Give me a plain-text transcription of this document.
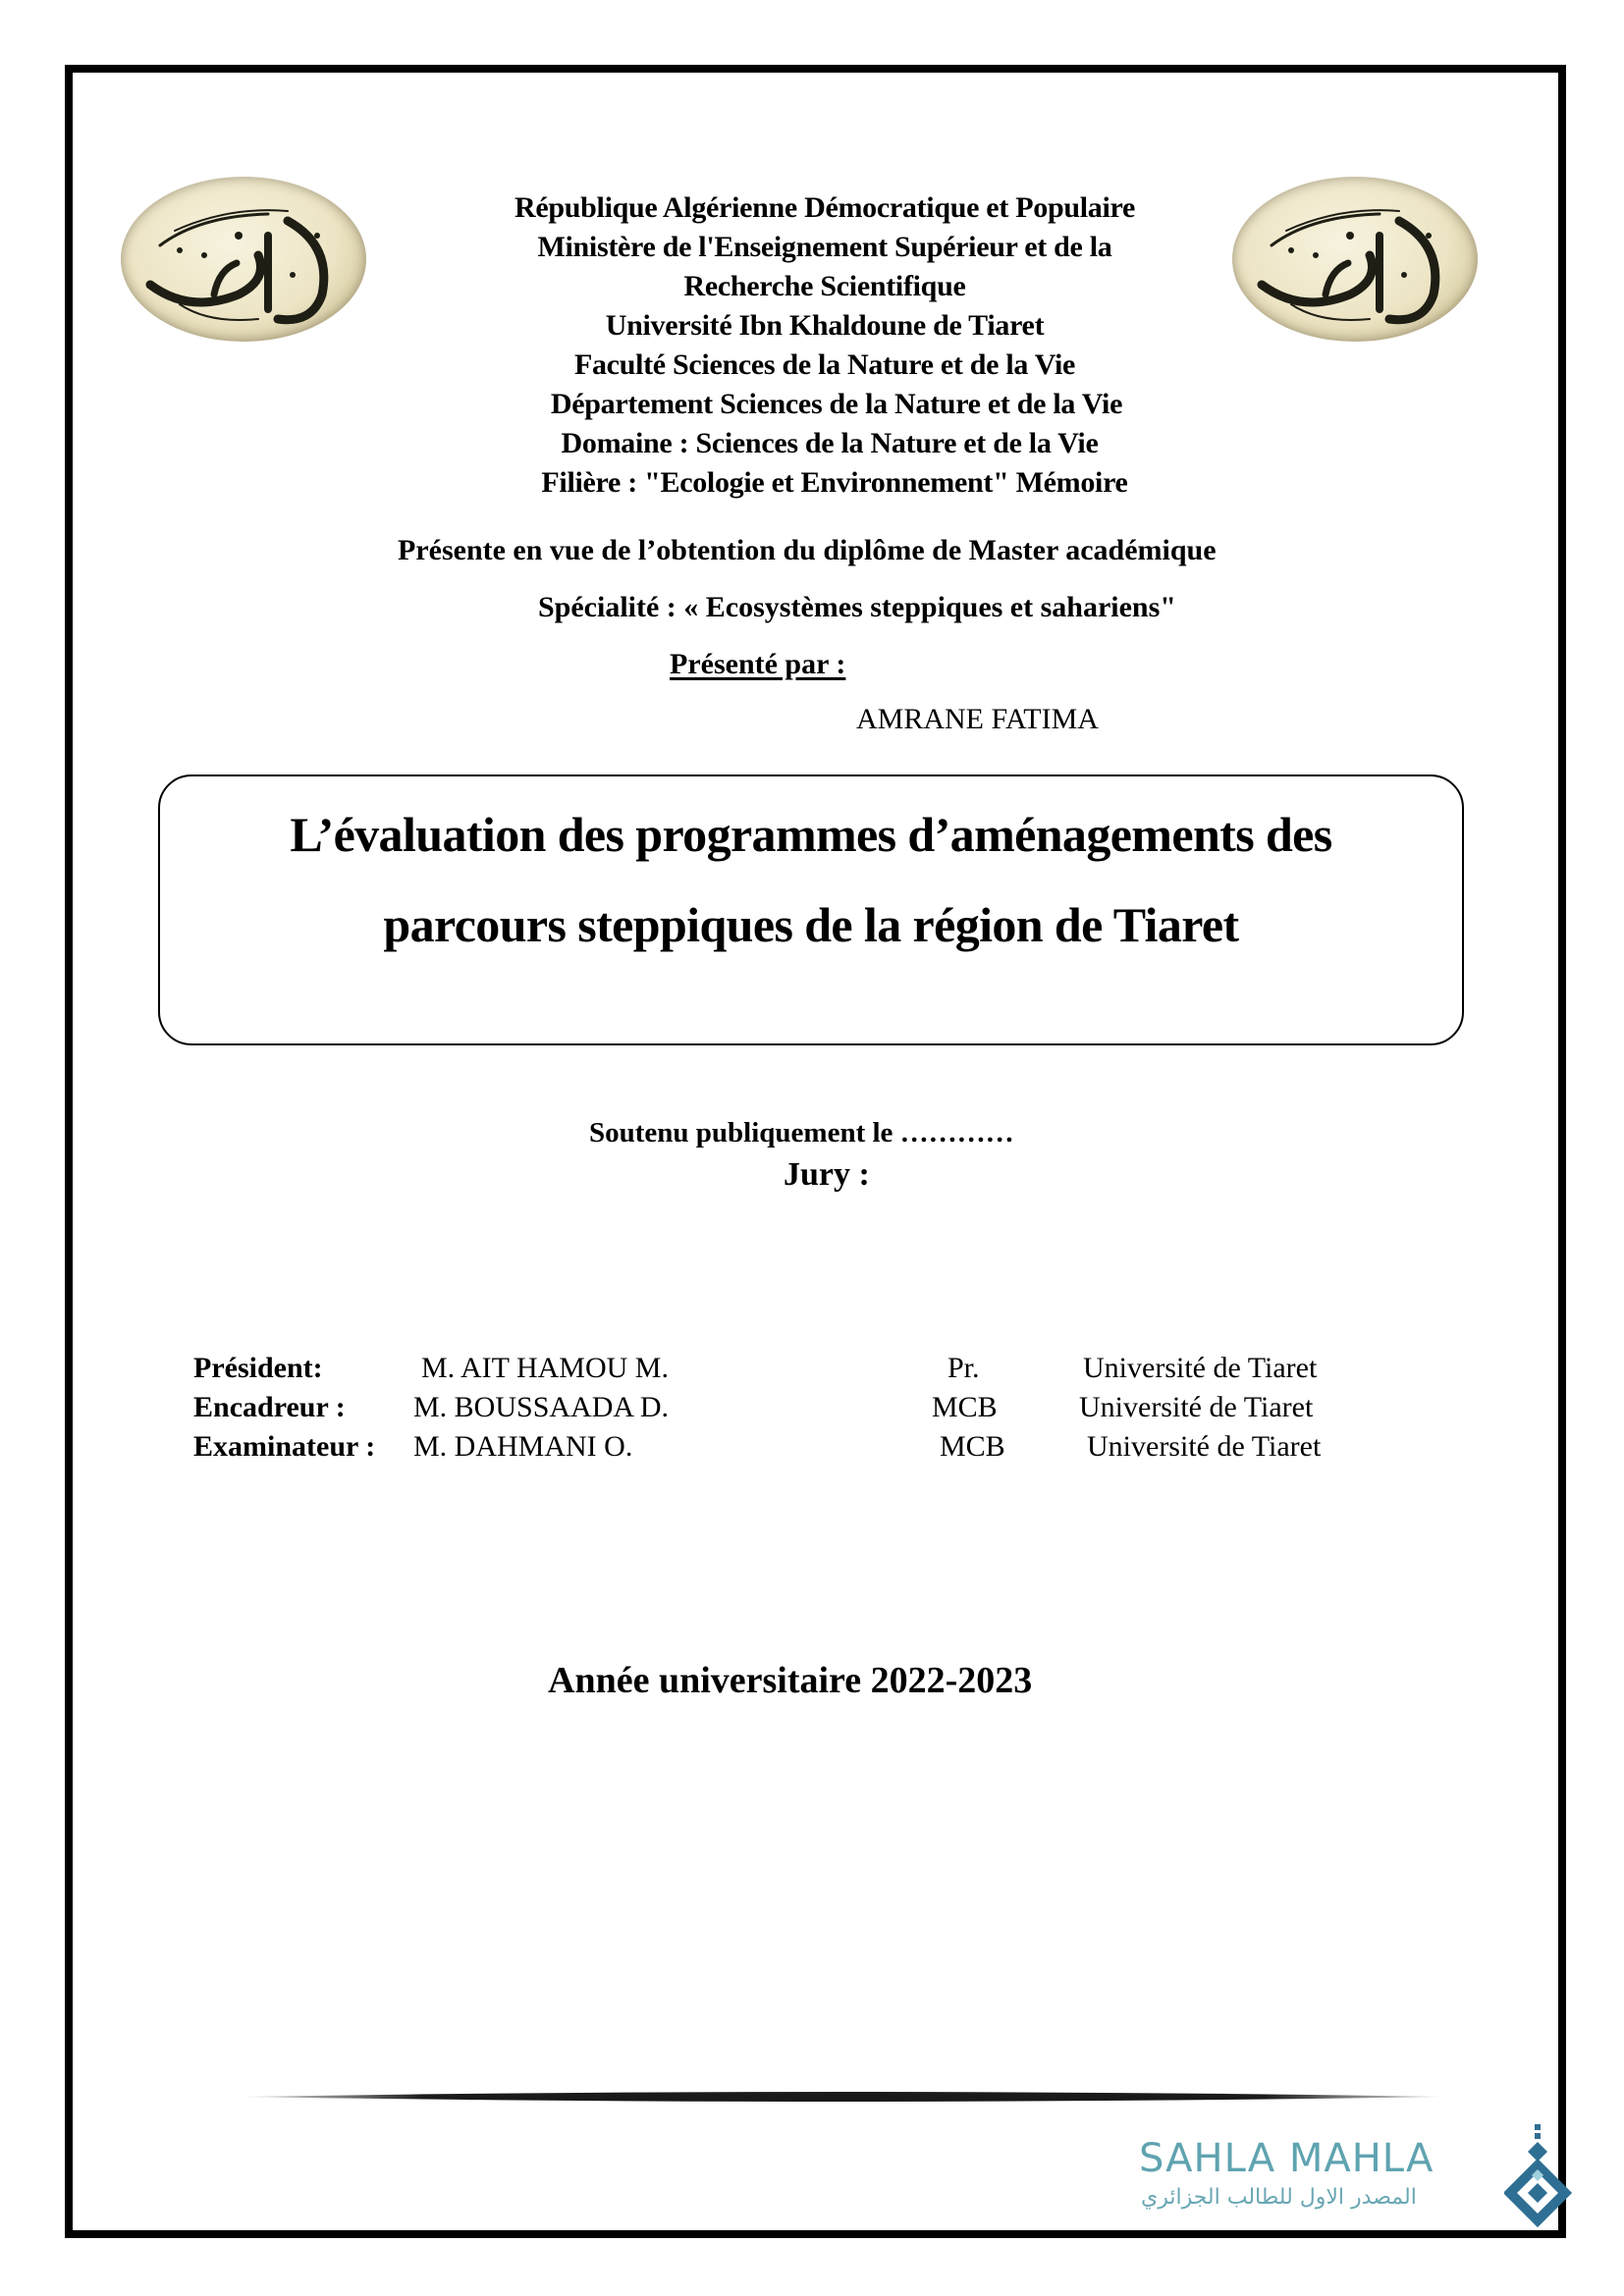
République Algérienne Démocratique et Populaire
Ministère de l'Enseignement Supérieur et de la
Recherche Scientifique
Université Ibn Khaldoune de Tiaret
Faculté Sciences de la Nature et de la Vie
Département Sciences de la Nature et de la Vie
Domaine : Sciences de la Nature et de la Vie
Filière : "Ecologie et Environnement" Mémoire
Présente en vue de l’obtention du diplôme de Master académique
Spécialité : « Ecosystèmes steppiques et sahariens"
Présenté par :
AMRANE FATIMA
L’évaluation des programmes d’aménagements des
parcours steppiques de la région de Tiaret
Soutenu publiquement le …………
Jury :
Président:	M. AIT HAMOU M.	Pr.	Université de Tiaret
Encadreur : M. BOUSSAADA D.	MCB	Université de Tiaret
Examinateur : M. DAHMANI O.	MCB	Université de Tiaret
Année universitaire 2022-2023
SAHLA MAHLA
المصدر الاول للطالب الجزائري
